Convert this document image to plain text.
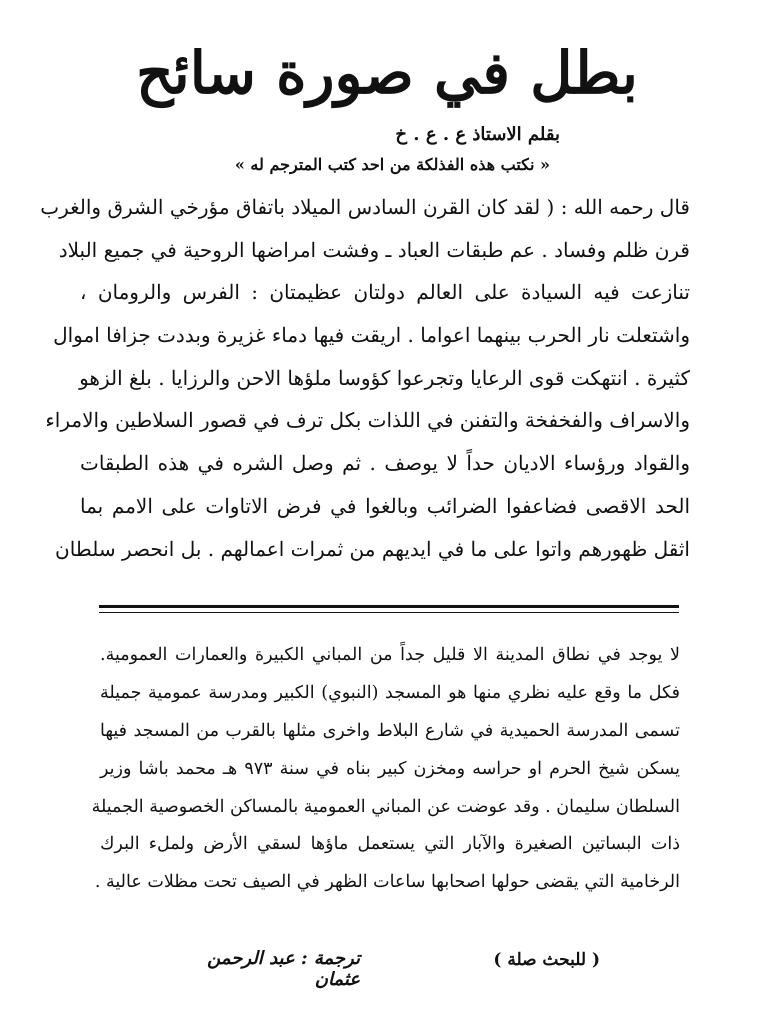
بطل في صورة سائح
بقلم الاستاذ ع . ع . خ
« نكتب هذه الفذلكة من احد كتب المترجم له »
قال رحمه الله : ( لقد كان القرن السادس الميلاد باتفاق مؤرخي الشرق والغرب
قرن ظلم وفساد . عم طبقات العباد ـ وفشت امراضها الروحية في جميع البلاد
تنازعت فيه السيادة على العالم دولتان عظيمتان : الفرس والرومان ،
واشتعلت نار الحرب بينهما اعواما . اريقت فيها دماء غزيرة وبددت جزافا اموال
كثيرة . انتهكت قوى الرعايا وتجرعوا كؤوسا ملؤها الاحن والرزايا . بلغ الزهو
والاسراف والفخفخة والتفنن في اللذات بكل ترف في قصور السلاطين والامراء
والقواد ورؤساء الاديان حداً لا يوصف . ثم وصل الشره في هذه الطبقات
الحد الاقصى فضاعفوا الضرائب وبالغوا في فرض الاتاوات على الامم بما
اثقل ظهورهم واتوا على ما في ايديهم من ثمرات اعمالهم . بل انحصر سلطان
لا يوجد في نطاق المدينة الا قليل جداً من المباني الكبيرة والعمارات العمومية.
فكل ما وقع عليه نظري منها هو المسجد (النبوي) الكبير ومدرسة عمومية جميلة
تسمى المدرسة الحميدية في شارع البلاط واخرى مثلها بالقرب من المسجد فيها
يسكن شيخ الحرم او حراسه ومخزن كبير بناه في سنة ٩٧٣ هـ محمد باشا وزير
السلطان سليمان . وقد عوضت عن المباني العمومية بالمساكن الخصوصية الجميلة
ذات البساتين الصغيرة والآبار التي يستعمل ماؤها لسقي الأرض ولملء البرك
الرخامية التي يقضى حولها اصحابها ساعات الظهر في الصيف تحت مظلات عالية .
ترجمة : عبد الرحمن عثمان
( للبحث صلة )
